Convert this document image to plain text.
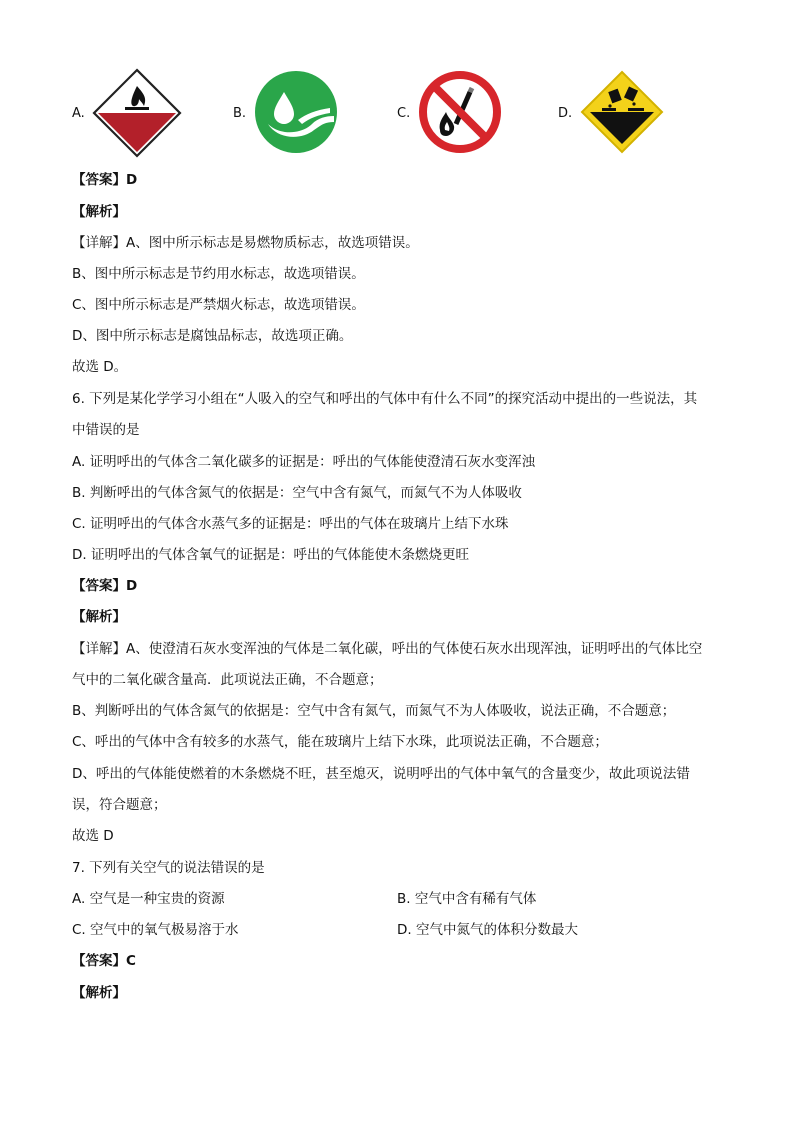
A.	B.	C.	D.
【答案】D
【解析】
【详解】A、图中所示标志是易燃物质标志，故选项错误。
B、图中所示标志是节约用水标志，故选项错误。
C、图中所示标志是严禁烟火标志，故选项错误。
D、图中所示标志是腐蚀品标志，故选项正确。
故选 D。
6. 下列是某化学学习小组在“人吸入的空气和呼出的气体中有什么不同”的探究活动中提出的一些说法，其
中错误的是
A. 证明呼出的气体含二氧化碳多的证据是：呼出的气体能使澄清石灰水变浑浊
B. 判断呼出的气体含氮气的依据是：空气中含有氮气，而氮气不为人体吸收
C. 证明呼出的气体含水蒸气多的证据是：呼出的气体在玻璃片上结下水珠
D. 证明呼出的气体含氧气的证据是：呼出的气体能使木条燃烧更旺
【答案】D
【解析】
【详解】A、使澄清石灰水变浑浊的气体是二氧化碳，呼出的气体使石灰水出现浑浊，证明呼出的气体比空
气中的二氧化碳含量高．此项说法正确，不合题意；
B、判断呼出的气体含氮气的依据是：空气中含有氮气，而氮气不为人体吸收，说法正确，不合题意；
C、呼出的气体中含有较多的水蒸气，能在玻璃片上结下水珠，此项说法正确，不合题意；
D、呼出的气体能使燃着的木条燃烧不旺，甚至熄灭，说明呼出的气体中氧气的含量变少，故此项说法错
误，符合题意；
故选 D
7. 下列有关空气的说法错误的是
A. 空气是一种宝贵的资源	B. 空气中含有稀有气体
C. 空气中的氧气极易溶于水	D. 空气中氮气的体积分数最大
【答案】C
【解析】
